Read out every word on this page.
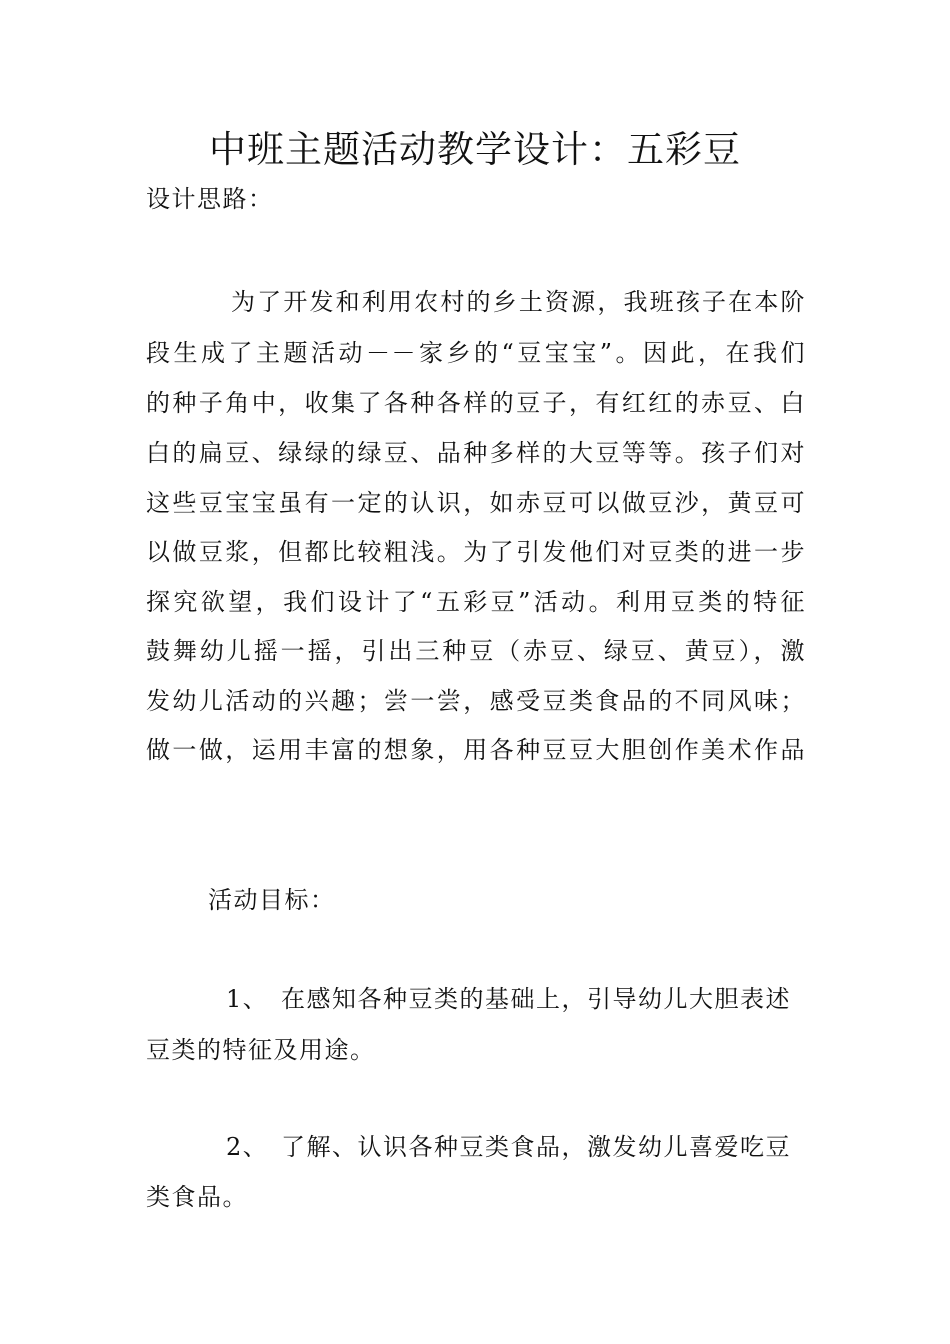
中班主题活动教学设计：五彩豆

设计思路：

为了开发和利用农村的乡土资源，我班孩子在本阶

段生成了主题活动－－家乡的“豆宝宝”。因此，在我们

的种子角中，收集了各种各样的豆子，有红红的赤豆、白

白的扁豆、绿绿的绿豆、品种多样的大豆等等。孩子们对

这些豆宝宝虽有一定的认识，如赤豆可以做豆沙，黄豆可

以做豆浆，但都比较粗浅。为了引发他们对豆类的进一步

探究欲望，我们设计了“五彩豆”活动。利用豆类的特征

鼓舞幼儿摇一摇，引出三种豆（赤豆、绿豆、黄豆），激

发幼儿活动的兴趣；尝一尝，感受豆类食品的不同风味；

做一做，运用丰富的想象，用各种豆豆大胆创作美术作品

活动目标：

1、 在感知各种豆类的基础上，引导幼儿大胆表述

豆类的特征及用途。

2、 了解、认识各种豆类食品，激发幼儿喜爱吃豆

类食品。
